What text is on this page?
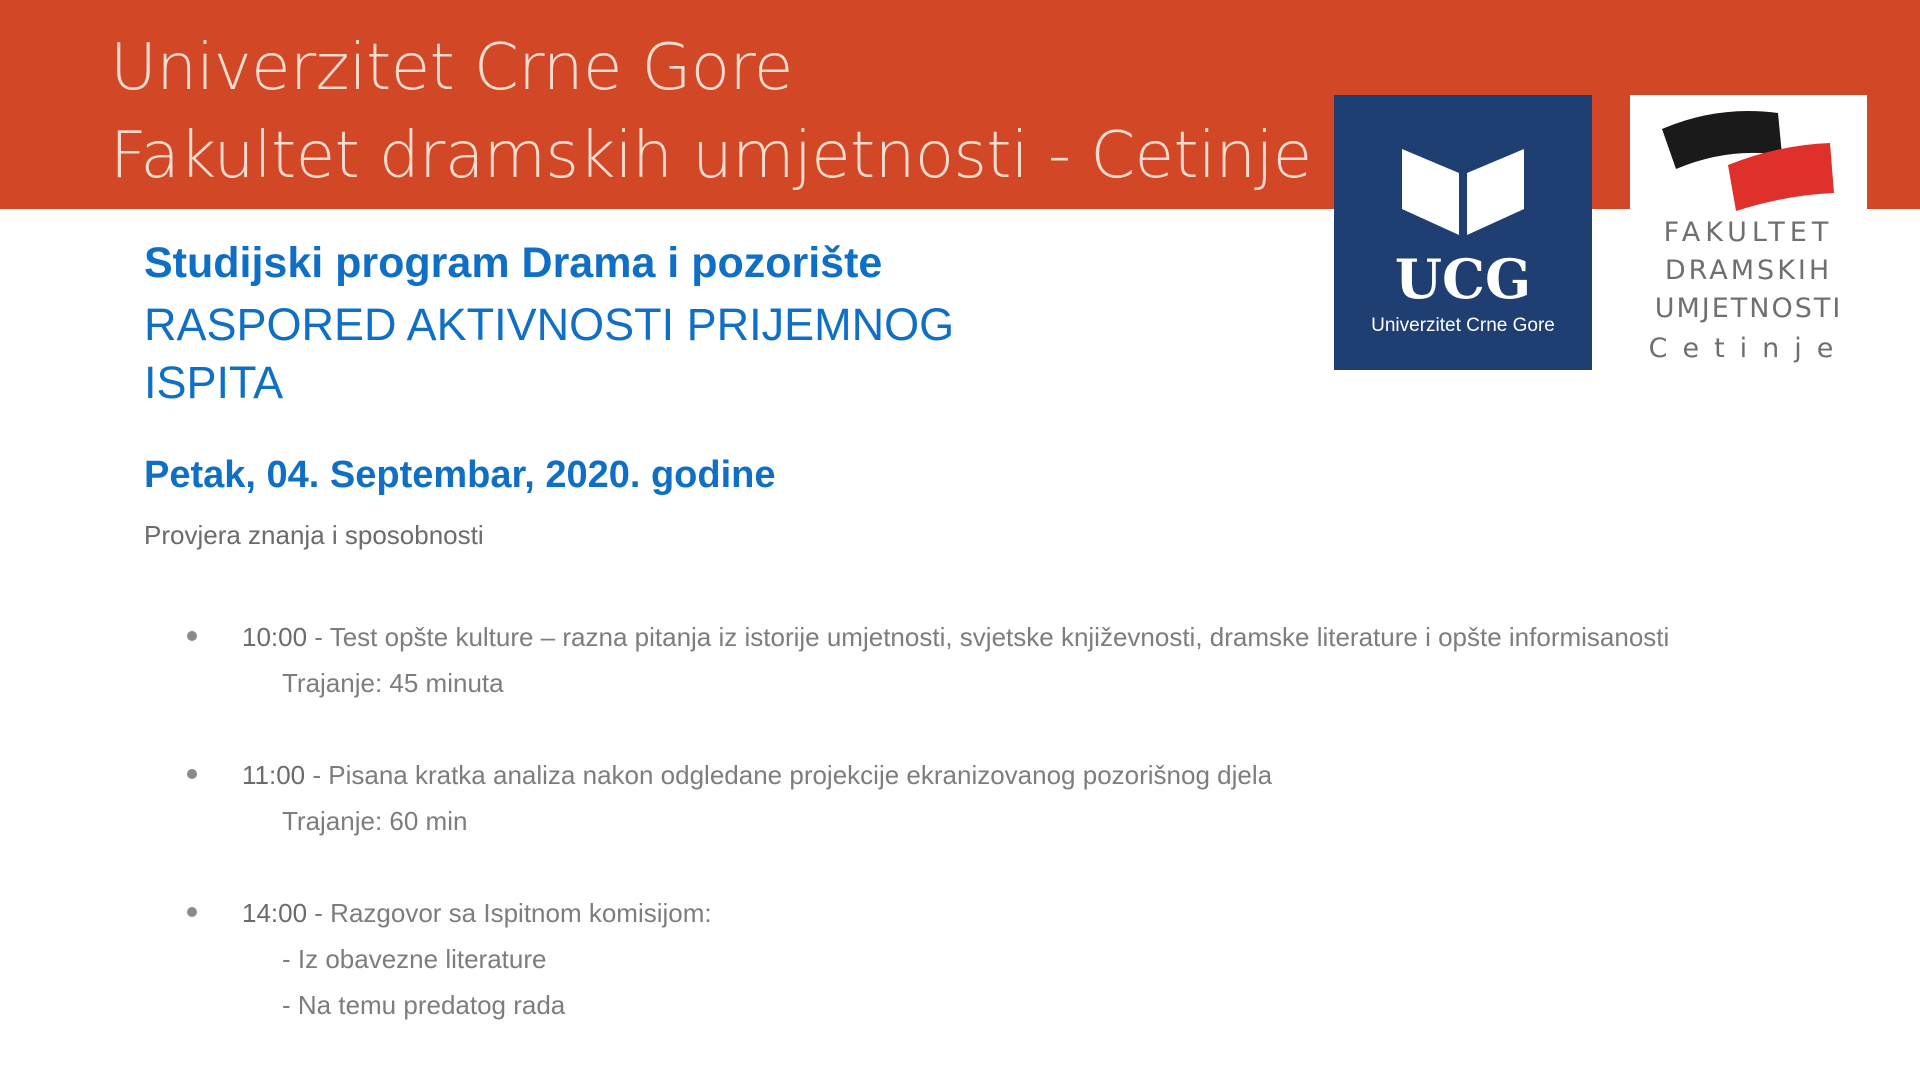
Univerzitet Crne Gore
Fakultet dramskih umjetnosti - Cetinje
UCG
Univerzitet Crne Gore
FAKULTET
DRAMSKIH
UMJETNOSTI
Cetinje
Studijski program Drama i pozorište
RASPORED AKTIVNOSTI PRIJEMNOG ISPITA
Petak, 04. Septembar, 2020. godine
Provjera znanja i sposobnosti
10:00 - Test opšte kulture – razna pitanja iz istorije umjetnosti, svjetske književnosti, dramske literature i opšte informisanosti
Trajanje: 45 minuta
11:00 - Pisana kratka analiza nakon odgledane projekcije ekranizovanog pozorišnog djela
Trajanje: 60 min
14:00 - Razgovor sa Ispitnom komisijom:
- Iz obavezne literature
- Na temu predatog rada
